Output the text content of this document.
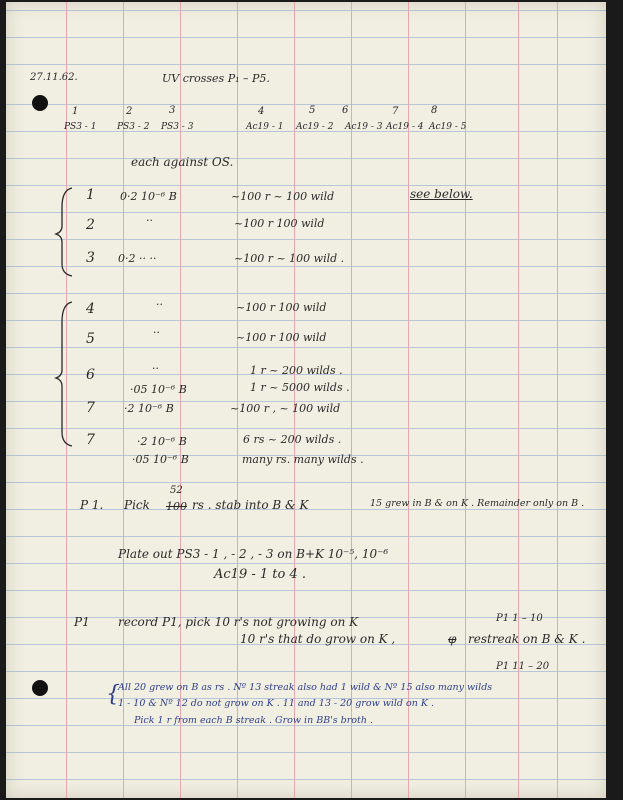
27.11.62.	UV crosses P₁ – P5.
1	2	3	4	5	6	7	8
PS3 - 1 PS3 - 2 PS3 - 3	Ac19 - 1 Ac19 - 2 Ac19 - 3 Ac19 - 4 Ac19 - 5
each against OS.
1 0·2 10⁻⁶ B	~100 r ~ 100 wild	see below.
2	··	~100 r 100 wild
3 0·2 ·· ··	~100 r ~ 100 wild .
4	··	~100 r 100 wild
5	··	~100 r 100 wild
6	··	1 r ~ 200 wilds .
·05 10⁻⁶ B	1 r ~ 5000 wilds .
7	·2 10⁻⁶ B	~100 r , ~ 100 wild
7	·2 10⁻⁶ B	6 rs ~ 200 wilds .
·05 10⁻⁶ B	many rs. many wilds .
P 1. Pick
52
100 rs . stab into B & K	15 grew in B & on K . Remainder only on B .
Plate out PS3 - 1 , - 2 , - 3 on B+K 10⁻⁵, 10⁻⁶
Ac19 - 1 to 4 .
P1 record P1, pick 10 r's not growing on K
10 r's that do grow on K ,	φ restreak on B & K .
P1 1 – 10
P1 11 – 20
{
All 20 grew on B as rs . Nº 13 streak also had 1 wild & Nº 15 also many wilds
1 - 10 & Nº 12 do not grow on K . 11 and 13 - 20 grow wild on K .
Pick 1 r from each B streak . Grow in BB's broth .
